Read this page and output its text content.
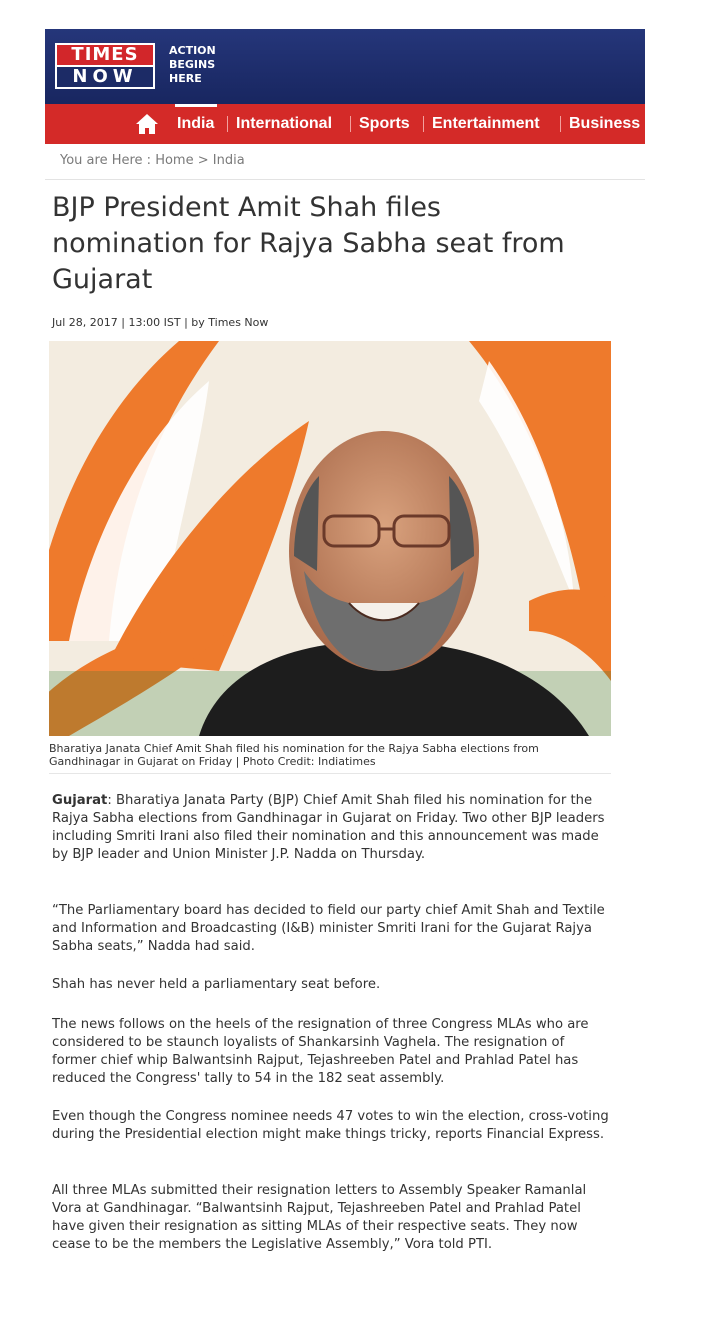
TIMES
NOW
ACTION
BEGINS
HERE
India International Sports Entertainment Business
You are Here : Home > India
BJP President Amit Shah files nomination for Rajya Sabha seat from Gujarat
Jul 28, 2017 | 13:00 IST | by Times Now
Bharatiya Janata Chief Amit Shah filed his nomination for the Rajya Sabha elections from Gandhinagar in Gujarat on Friday | Photo Credit: Indiatimes

Gujarat: Bharatiya Janata Party (BJP) Chief Amit Shah filed his nomination for the Rajya Sabha elections from Gandhinagar in Gujarat on Friday. Two other BJP leaders including Smriti Irani also filed their nomination and this announcement was made by BJP leader and Union Minister J.P. Nadda on Thursday.

“The Parliamentary board has decided to field our party chief Amit Shah and Textile and Information and Broadcasting (I&B) minister Smriti Irani for the Gujarat Rajya Sabha seats,” Nadda had said.

Shah has never held a parliamentary seat before.

The news follows on the heels of the resignation of three Congress MLAs who are considered to be staunch loyalists of Shankarsinh Vaghela. The resignation of former chief whip Balwantsinh Rajput, Tejashreeben Patel and Prahlad Patel has reduced the Congress' tally to 54 in the 182 seat assembly.

Even though the Congress nominee needs 47 votes to win the election, cross-voting during the Presidential election might make things tricky, reports Financial Express.

All three MLAs submitted their resignation letters to Assembly Speaker Ramanlal Vora at Gandhinagar. “Balwantsinh Rajput, Tejashreeben Patel and Prahlad Patel have given their resignation as sitting MLAs of their respective seats. They now cease to be the members the Legislative Assembly,” Vora told PTI.
